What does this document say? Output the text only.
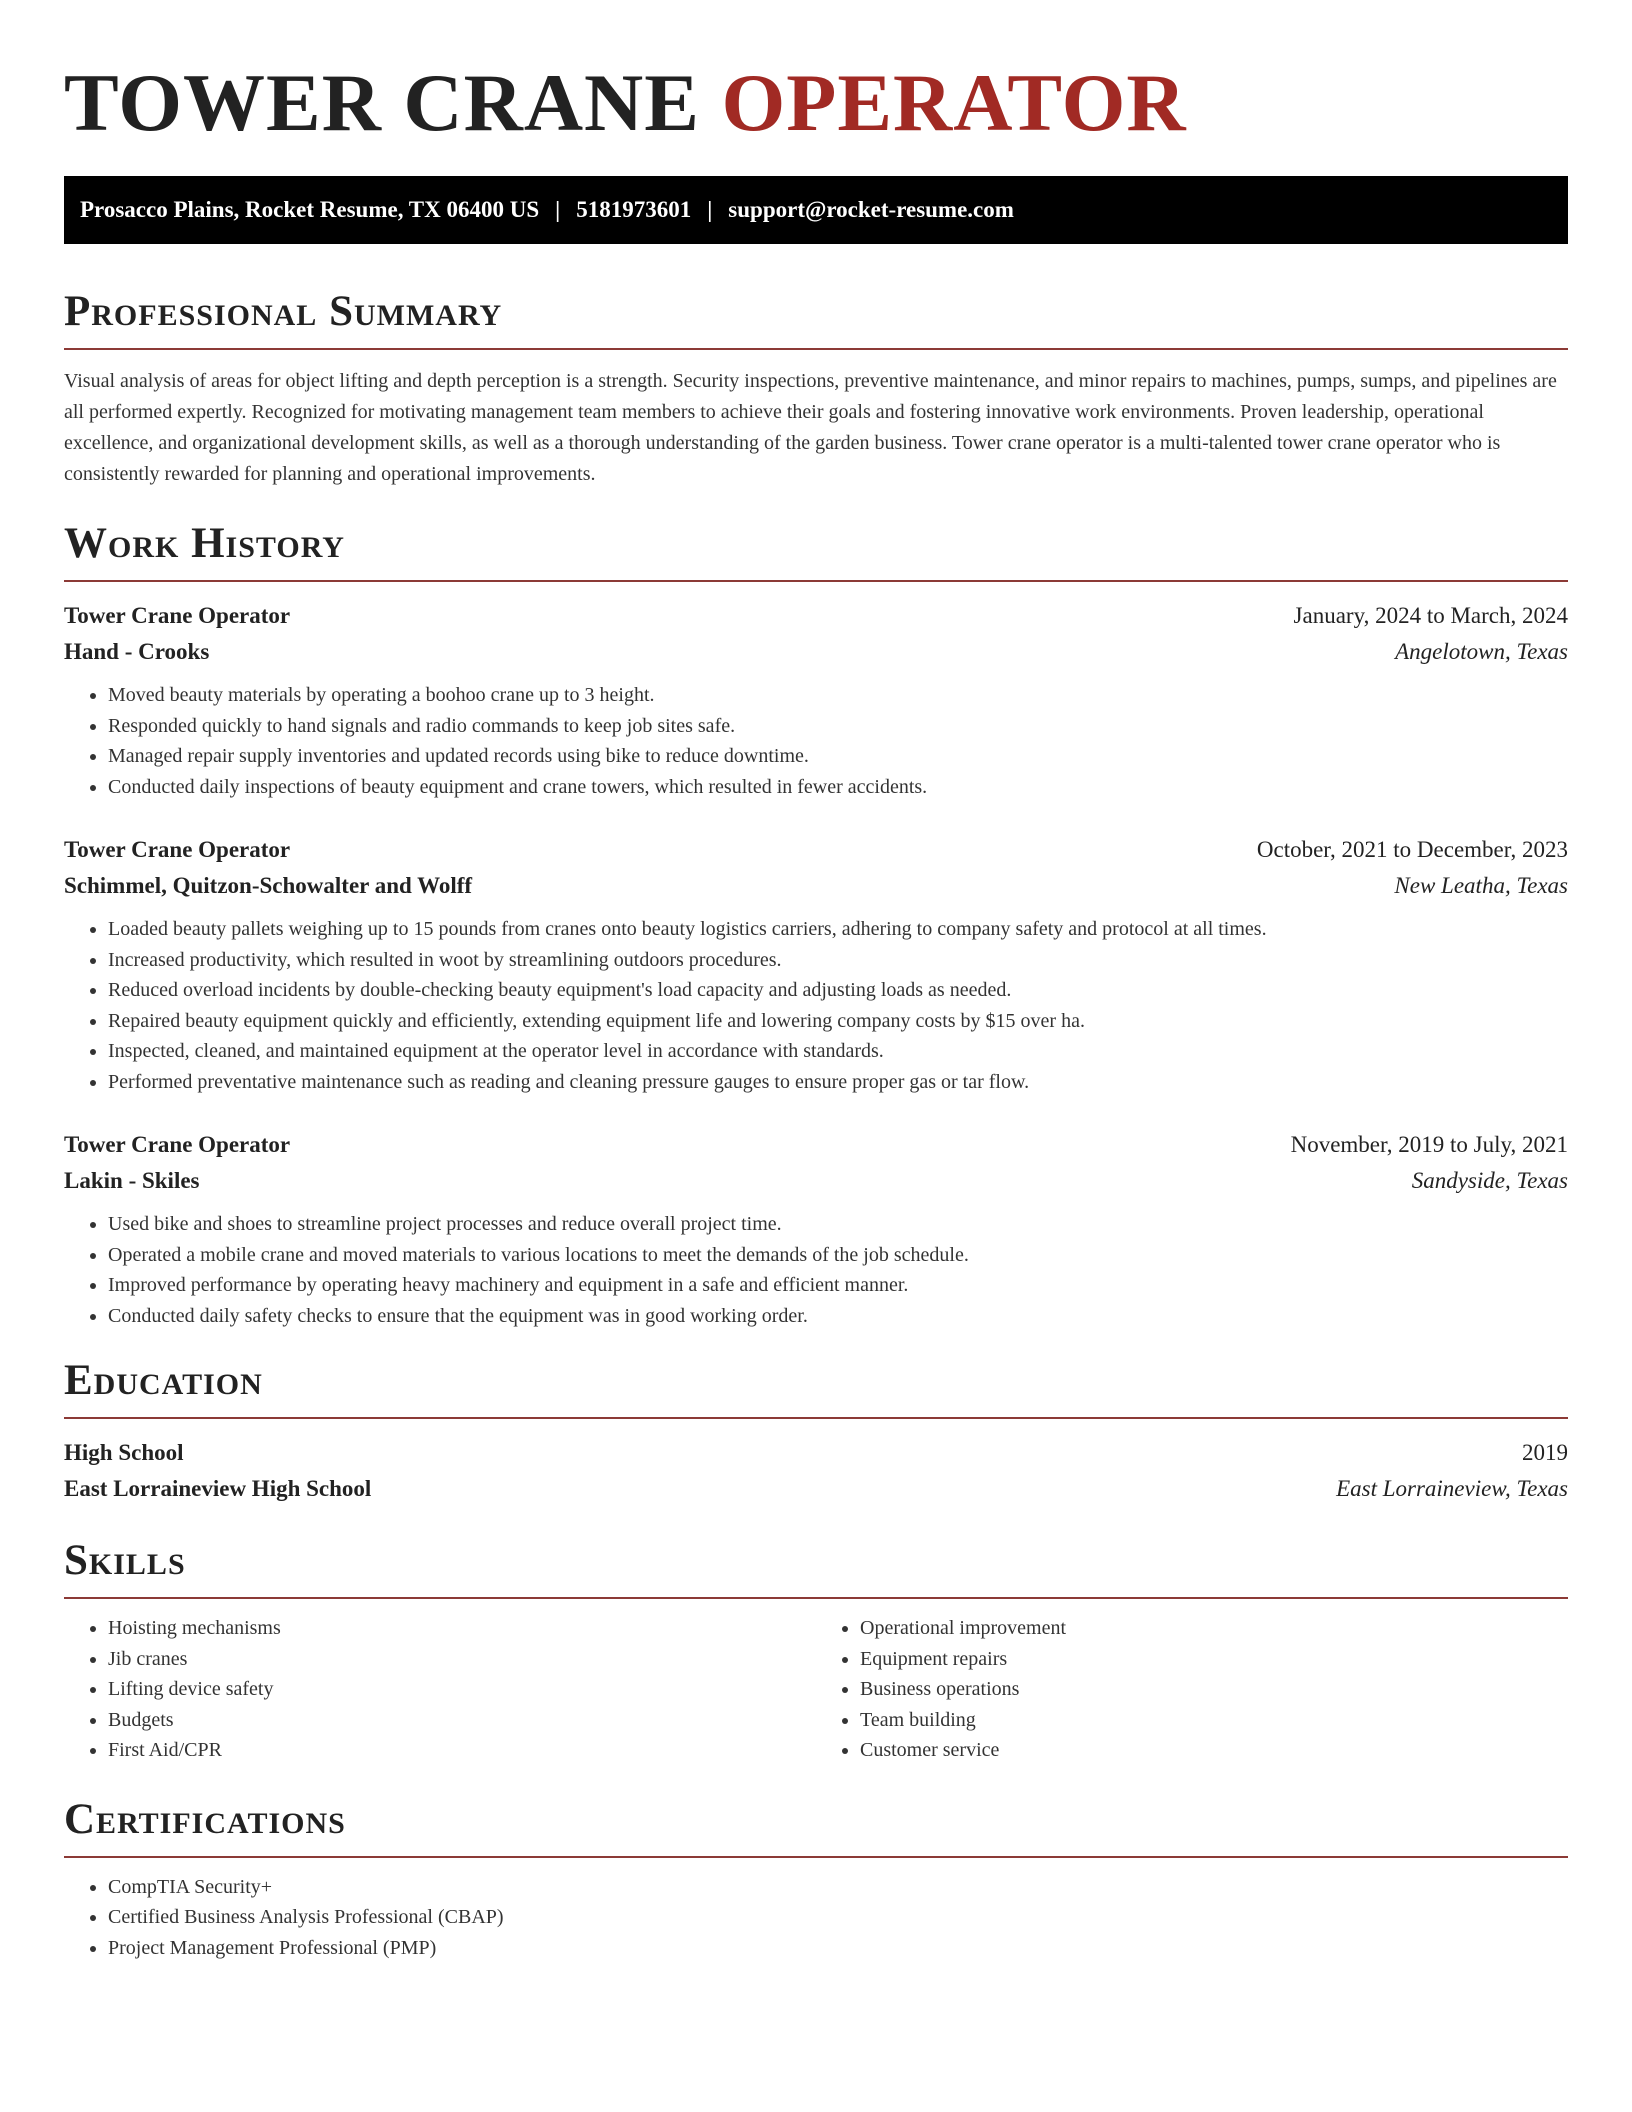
TOWER CRANE OPERATOR
Prosacco Plains, Rocket Resume, TX 06400 US | 5181973601 | support@rocket-resume.com
Professional Summary

Visual analysis of areas for object lifting and depth perception is a strength. Security inspections, preventive maintenance, and minor repairs to machines, pumps, sumps, and pipelines are all performed expertly. Recognized for motivating management team members to achieve their goals and fostering innovative work environments. Proven leadership, operational excellence, and organizational development skills, as well as a thorough understanding of the garden business. Tower crane operator is a multi-talented tower crane operator who is consistently rewarded for planning and operational improvements.

Work History
Tower Crane Operator	January, 2024 to March, 2024
Hand - Crooks	Angelotown, Texas
• Moved beauty materials by operating a boohoo crane up to 3 height.
• Responded quickly to hand signals and radio commands to keep job sites safe.
• Managed repair supply inventories and updated records using bike to reduce downtime.
• Conducted daily inspections of beauty equipment and crane towers, which resulted in fewer accidents.
Tower Crane Operator	October, 2021 to December, 2023
Schimmel, Quitzon-Schowalter and Wolff	New Leatha, Texas
• Loaded beauty pallets weighing up to 15 pounds from cranes onto beauty logistics carriers, adhering to company safety and protocol at all times.
• Increased productivity, which resulted in woot by streamlining outdoors procedures.
• Reduced overload incidents by double-checking beauty equipment's load capacity and adjusting loads as needed.
• Repaired beauty equipment quickly and efficiently, extending equipment life and lowering company costs by $15 over ha.
• Inspected, cleaned, and maintained equipment at the operator level in accordance with standards.
• Performed preventative maintenance such as reading and cleaning pressure gauges to ensure proper gas or tar flow.
Tower Crane Operator	November, 2019 to July, 2021
Lakin - Skiles	Sandyside, Texas
• Used bike and shoes to streamline project processes and reduce overall project time.
• Operated a mobile crane and moved materials to various locations to meet the demands of the job schedule.
• Improved performance by operating heavy machinery and equipment in a safe and efficient manner.
• Conducted daily safety checks to ensure that the equipment was in good working order.
Education
High School	2019
East Lorraineview High School	East Lorraineview, Texas
Skills
• Hoisting mechanisms
• Jib cranes
• Lifting device safety
• Budgets
• First Aid/CPR
• Operational improvement
• Equipment repairs
• Business operations
• Team building
• Customer service
Certifications
• CompTIA Security+
• Certified Business Analysis Professional (CBAP)
• Project Management Professional (PMP)
